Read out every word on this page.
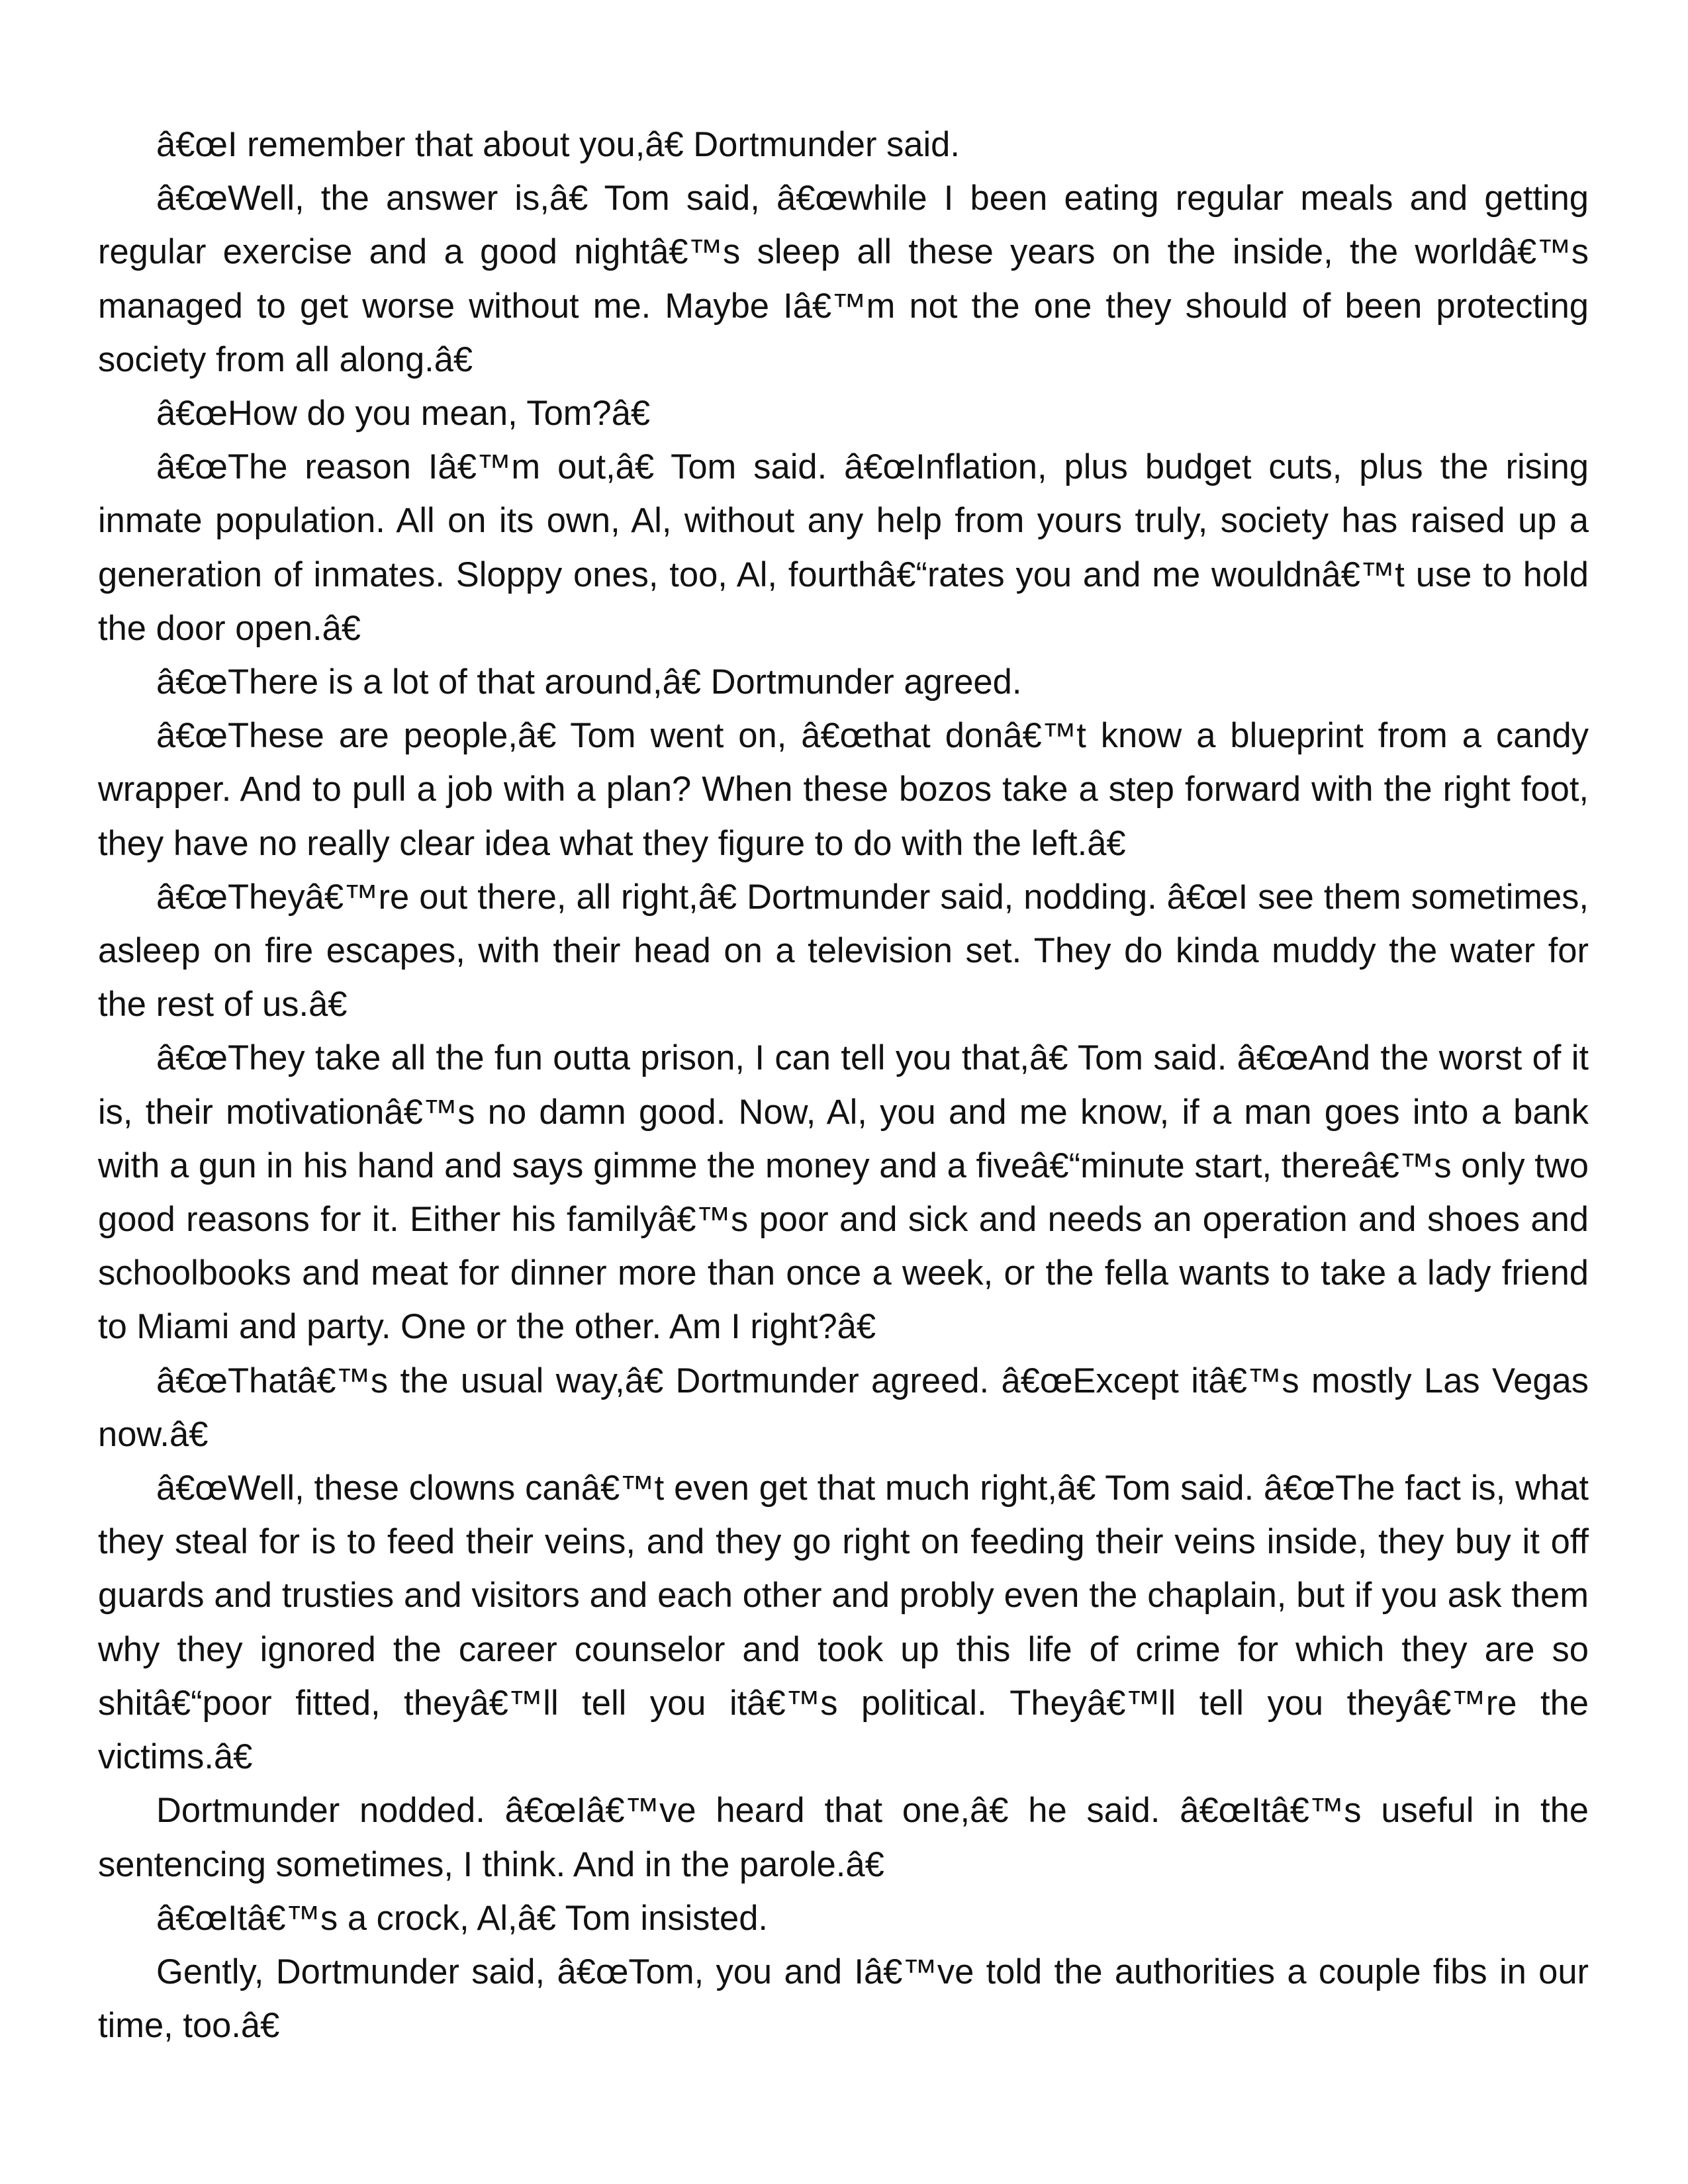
â€œI remember that about you,â€ Dortmunder said.

â€œWell, the answer is,â€ Tom said, â€œwhile I been eating regular meals and getting regular exercise and a good nightâ€™s sleep all these years on the inside, the worldâ€™s managed to get worse without me. Maybe Iâ€™m not the one they should of been protecting society from all along.â€

â€œHow do you mean, Tom?â€

â€œThe reason Iâ€™m out,â€ Tom said. â€œInflation, plus budget cuts, plus the rising inmate population. All on its own, Al, without any help from yours truly, society has raised up a generation of inmates. Sloppy ones, too, Al, fourthâ€“rates you and me wouldnâ€™t use to hold the door open.â€

â€œThere is a lot of that around,â€ Dortmunder agreed.

â€œThese are people,â€ Tom went on, â€œthat donâ€™t know a blueprint from a candy wrapper. And to pull a job with a plan? When these bozos take a step forward with the right foot, they have no really clear idea what they figure to do with the left.â€

â€œTheyâ€™re out there, all right,â€ Dortmunder said, nodding. â€œI see them sometimes, asleep on fire escapes, with their head on a television set. They do kinda muddy the water for the rest of us.â€

â€œThey take all the fun outta prison, I can tell you that,â€ Tom said. â€œAnd the worst of it is, their motivationâ€™s no damn good. Now, Al, you and me know, if a man goes into a bank with a gun in his hand and says gimme the money and a fiveâ€“minute start, thereâ€™s only two good reasons for it. Either his familyâ€™s poor and sick and needs an operation and shoes and schoolbooks and meat for dinner more than once a week, or the fella wants to take a lady friend to Miami and party. One or the other. Am I right?â€

â€œThatâ€™s the usual way,â€ Dortmunder agreed. â€œExcept itâ€™s mostly Las Vegas now.â€

â€œWell, these clowns canâ€™t even get that much right,â€ Tom said. â€œThe fact is, what they steal for is to feed their veins, and they go right on feeding their veins inside, they buy it off guards and trusties and visitors and each other and probly even the chaplain, but if you ask them why they ignored the career counselor and took up this life of crime for which they are so shitâ€“poor fitted, theyâ€™ll tell you itâ€™s political. Theyâ€™ll tell you theyâ€™re the victims.â€

Dortmunder nodded. â€œIâ€™ve heard that one,â€ he said. â€œItâ€™s useful in the sentencing sometimes, I think. And in the parole.â€

â€œItâ€™s a crock, Al,â€ Tom insisted.

Gently, Dortmunder said, â€œTom, you and Iâ€™ve told the authorities a couple fibs in our time, too.â€
